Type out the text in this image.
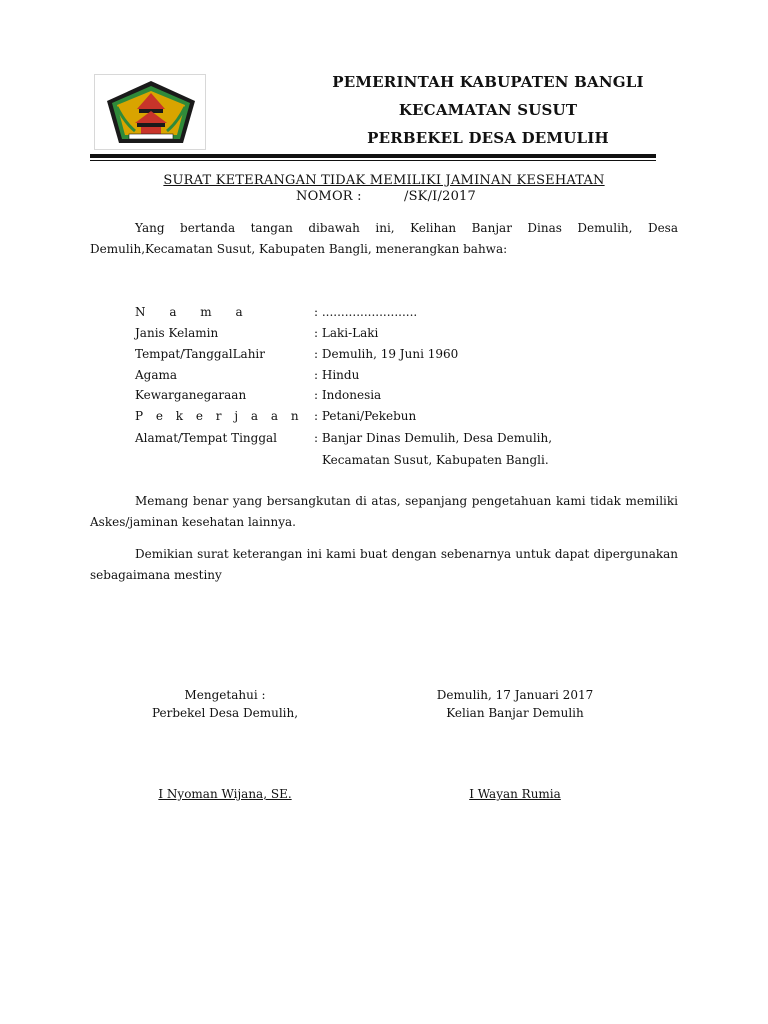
PEMERINTAH KABUPATEN BANGLI
KECAMATAN SUSUT
PERBEKEL DESA DEMULIH
SURAT KETERANGAN TIDAK MEMILIKI JAMINAN KESEHATAN
NOMOR :	/SK/I/2017
Yang bertanda tangan dibawah ini, Kelihan Banjar Dinas Demulih, Desa Demulih,Kecamatan Susut, Kabupaten Bangli, menerangkan bahwa:
N a m a	: .........................
Janis Kelamin	: Laki-Laki
Tempat/TanggalLahir	: Demulih, 19 Juni 1960
Agama	: Hindu
Kewarganegaraan	: Indonesia
P e k e r j a a n : Petani/Pekebun
Alamat/Tempat Tinggal	: Banjar Dinas Demulih, Desa Demulih,
Kecamatan Susut, Kabupaten Bangli.
Memang benar yang bersangkutan di atas, sepanjang pengetahuan kami tidak memiliki Askes/jaminan kesehatan lainnya.
Demikian surat keterangan ini kami buat dengan sebenarnya untuk dapat dipergunakan sebagaimana mestiny
Mengetahui :
Perbekel Desa Demulih,
I Nyoman Wijana, SE.
Demulih, 17 Januari 2017
Kelian Banjar Demulih
I Wayan Rumia
